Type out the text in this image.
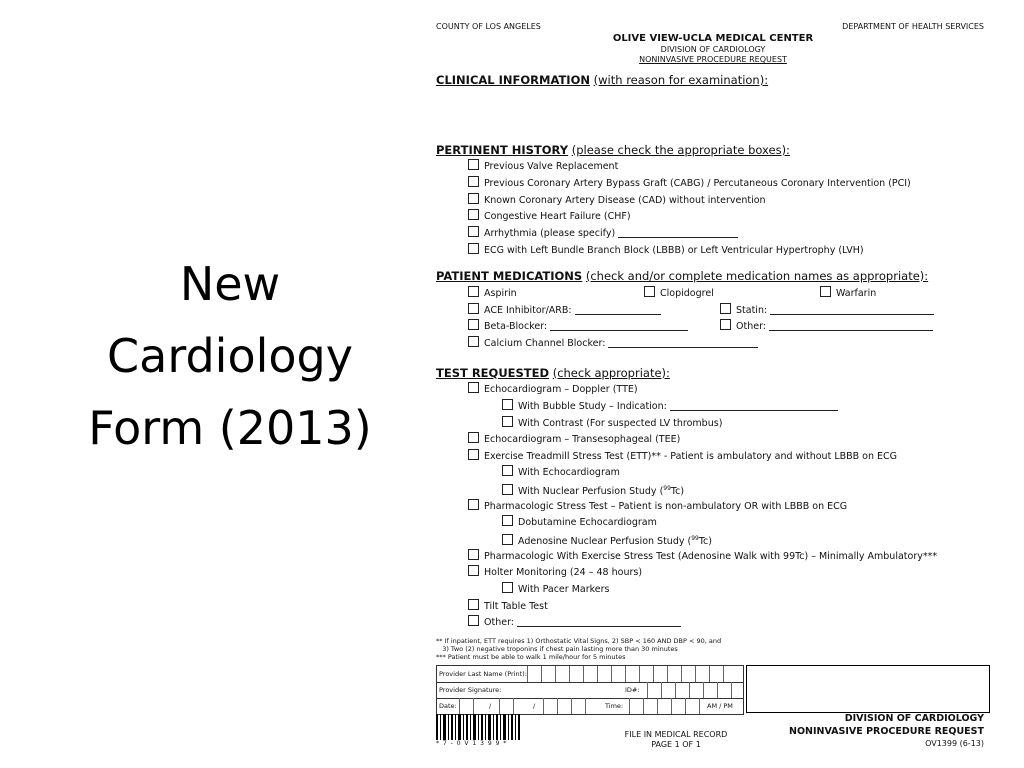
New
Cardiology
Form (2013)
COUNTY OF LOS ANGELES	DEPARTMENT OF HEALTH SERVICES
OLIVE VIEW-UCLA MEDICAL CENTER
DIVISION OF CARDIOLOGY
NONINVASIVE PROCEDURE REQUEST
CLINICAL INFORMATION (with reason for examination):
PERTINENT HISTORY (please check the appropriate boxes):
Previous Valve Replacement
Previous Coronary Artery Bypass Graft (CABG) / Percutaneous Coronary Intervention (PCI)
Known Coronary Artery Disease (CAD) without intervention
Congestive Heart Failure (CHF)
Arrhythmia (please specify)
ECG with Left Bundle Branch Block (LBBB) or Left Ventricular Hypertrophy (LVH)
PATIENT MEDICATIONS (check and/or complete medication names as appropriate):
Aspirin	Clopidogrel	Warfarin
ACE Inhibitor/ARB:	Statin:
Beta-Blocker:	Other:
Calcium Channel Blocker:
TEST REQUESTED (check appropriate):
Echocardiogram – Doppler (TTE)
With Bubble Study – Indication:
With Contrast (For suspected LV thrombus)
Echocardiogram – Transesophageal (TEE)
Exercise Treadmill Stress Test (ETT)** - Patient is ambulatory and without LBBB on ECG
With Echocardiogram
With Nuclear Perfusion Study ($^{99}$Tc)
Pharmacologic Stress Test – Patient is non-ambulatory OR with LBBB on ECG
Dobutamine Echocardiogram
Adenosine Nuclear Perfusion Study ($^{99}$Tc)
Pharmacologic With Exercise Stress Test (Adenosine Walk with 99Tc) – Minimally Ambulatory***
Holter Monitoring (24 – 48 hours)
With Pacer Markers
Tilt Table Test
Other:
** If inpatient, ETT requires 1) Orthostatic Vital Signs, 2) SBP < 160 AND DBP < 90, and
3) Two (2) negative troponins if chest pain lasting more than 30 minutes
*** Patient must be able to walk 1 mile/hour for 5 minutes
Provider Last Name (Print):
Provider Signature:	ID#:
Date:	/	/	Time:	AM / PM
* 7 - 0 V 1 3 9 9 *
FILE IN MEDICAL RECORD
PAGE 1 OF 1
DIVISION OF CARDIOLOGY
NONINVASIVE PROCEDURE REQUEST
OV1399 (6-13)
